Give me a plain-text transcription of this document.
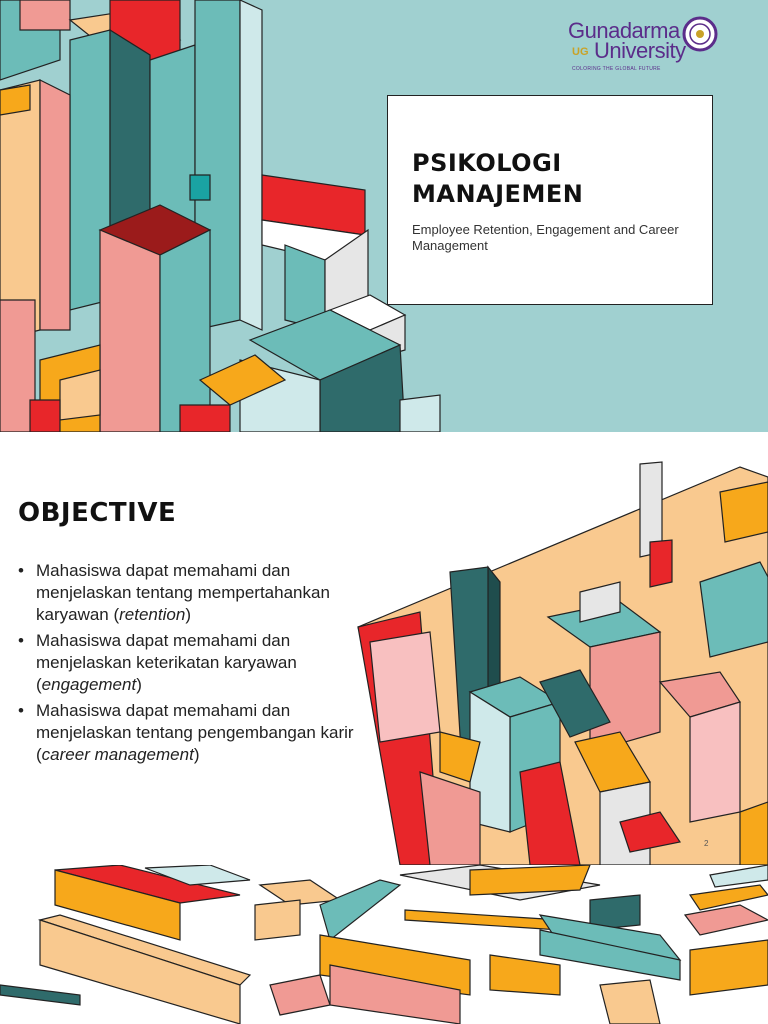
Gunadarma
UG University
COLORING THE GLOBAL FUTURE
PSIKOLOGI
MANAJEMEN
Employee Retention, Engagement and Career Management
OBJECTIVE
• Mahasiswa dapat memahami dan menjelaskan tentang mempertahankan karyawan (retention)
• Mahasiswa dapat memahami dan menjelaskan keterikatan karyawan (engagement)
• Mahasiswa dapat memahami dan menjelaskan tentang pengembangan karir (career management)
2
